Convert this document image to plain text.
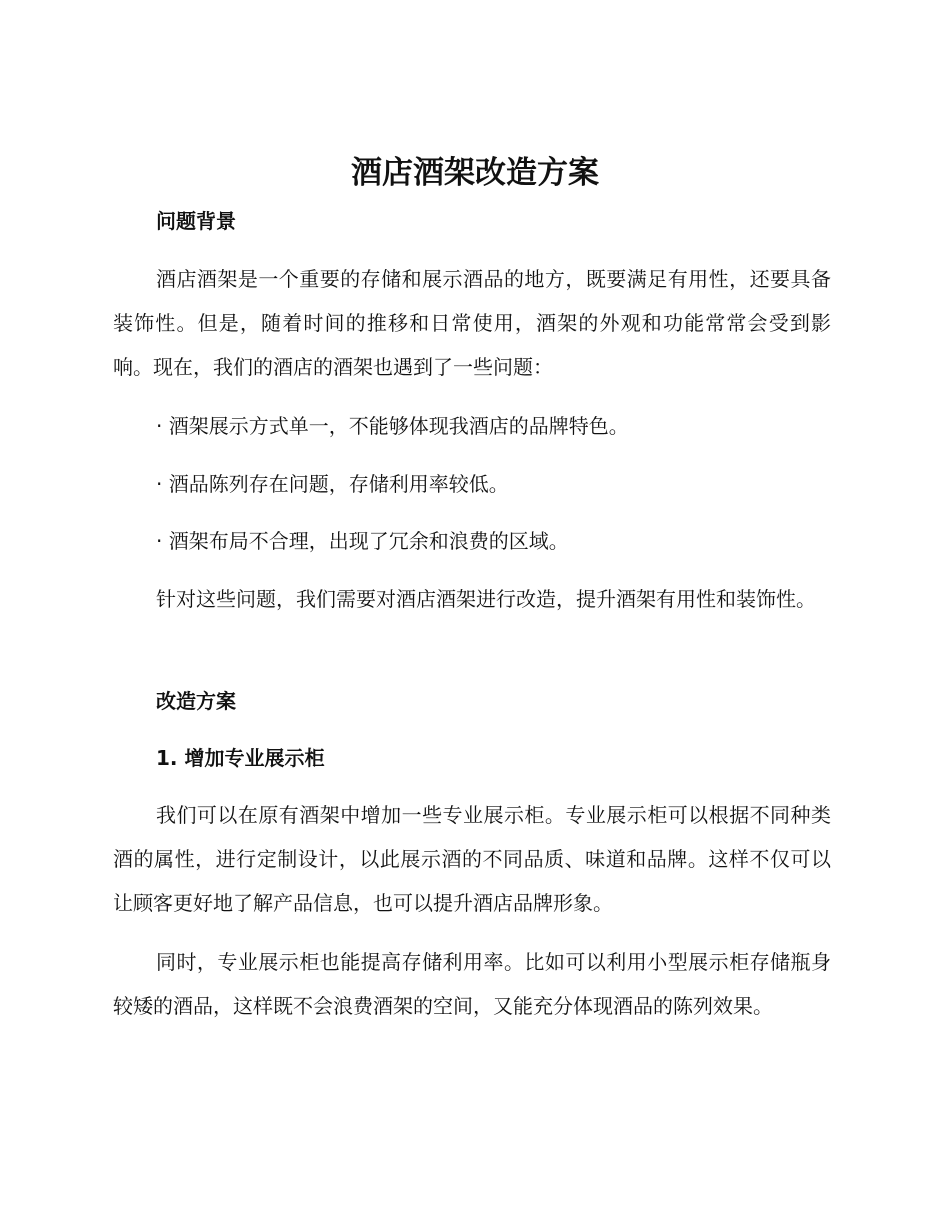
酒店酒架改造方案

问题背景

酒店酒架是一个重要的存储和展示酒品的地方，既要满足有用性，还要具备装饰性。但是，随着时间的推移和日常使用，酒架的外观和功能常常会受到影响。现在，我们的酒店的酒架也遇到了一些问题：

· 酒架展示方式单一，不能够体现我酒店的品牌特色。

· 酒品陈列存在问题，存储利用率较低。

· 酒架布局不合理，出现了冗余和浪费的区域。

针对这些问题，我们需要对酒店酒架进行改造，提升酒架有用性和装饰性。

改造方案

1. 增加专业展示柜

我们可以在原有酒架中增加一些专业展示柜。专业展示柜可以根据不同种类酒的属性，进行定制设计，以此展示酒的不同品质、味道和品牌。这样不仅可以让顾客更好地了解产品信息，也可以提升酒店品牌形象。

同时，专业展示柜也能提高存储利用率。比如可以利用小型展示柜存储瓶身较矮的酒品，这样既不会浪费酒架的空间，又能充分体现酒品的陈列效果。
